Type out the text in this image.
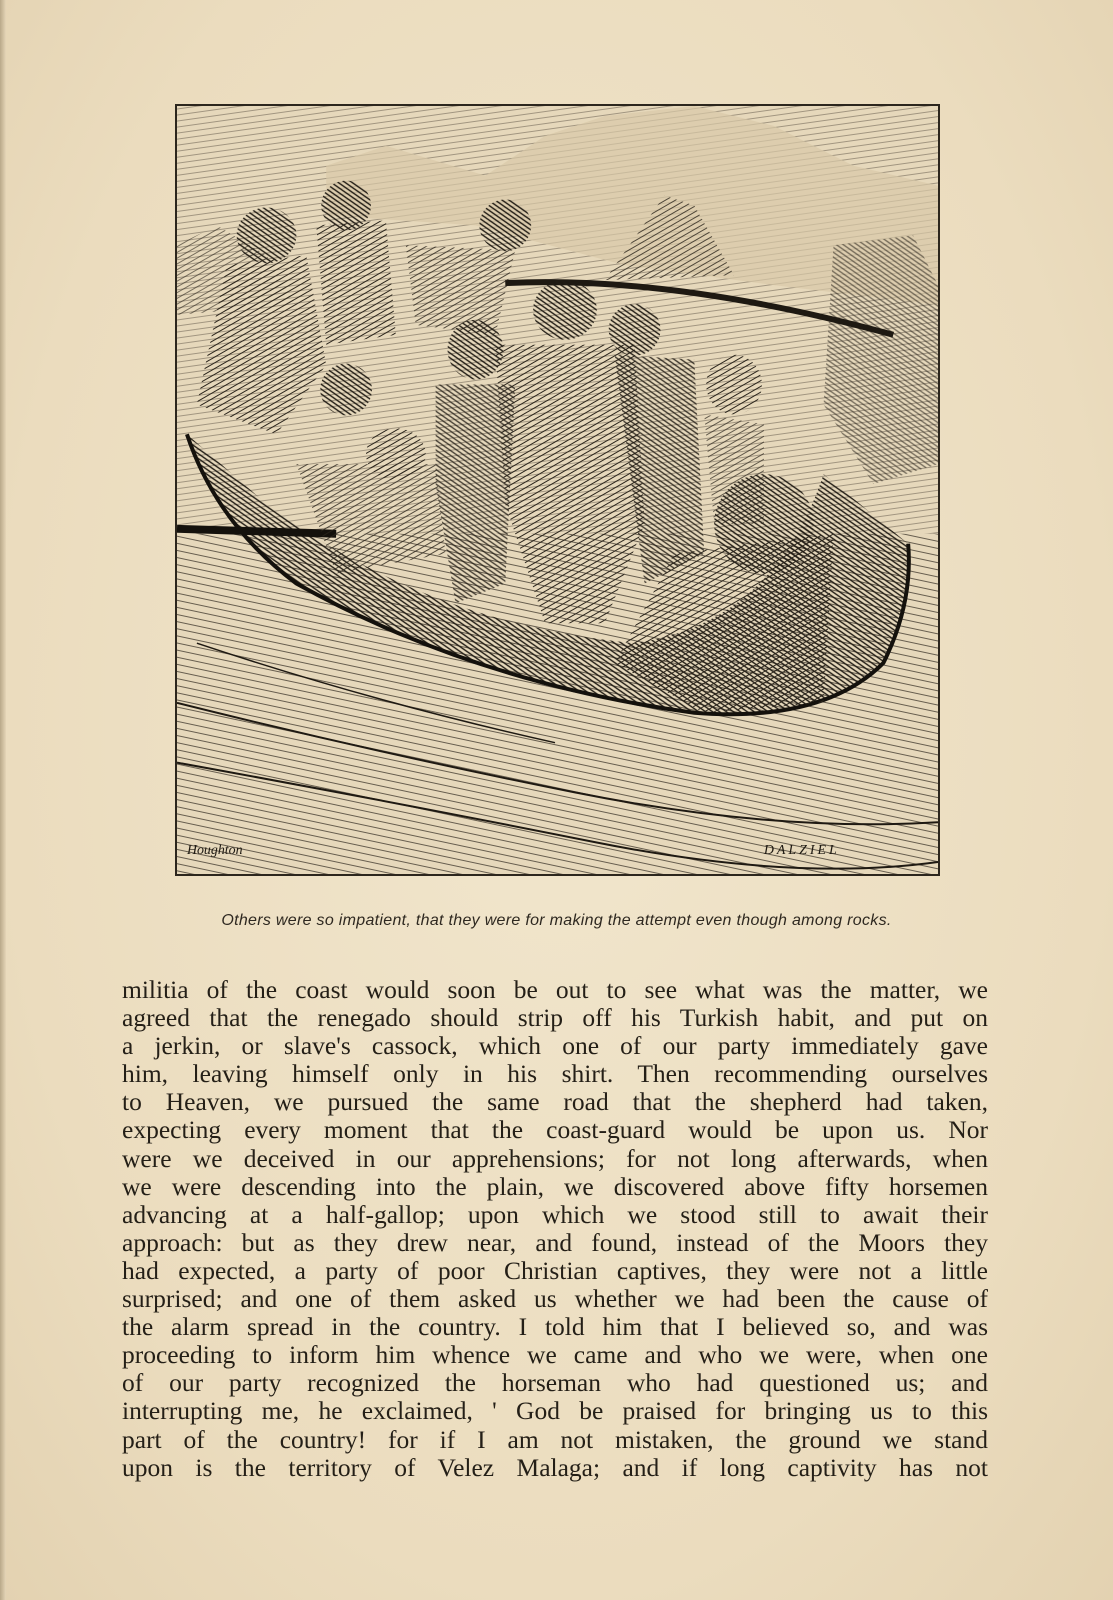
Houghton	DALZIEL
Others were so impatient, that they were for making the attempt even though among rocks.
militia of the coast would soon be out to see what was the matter, we
agreed that the renegado should strip off his Turkish habit, and put on
a jerkin, or slave's cassock, which one of our party immediately gave
him, leaving himself only in his shirt. Then recommending ourselves
to Heaven, we pursued the same road that the shepherd had taken,
expecting every moment that the coast-guard would be upon us. Nor
were we deceived in our apprehensions; for not long afterwards, when
we were descending into the plain, we discovered above fifty horsemen
advancing at a half-gallop; upon which we stood still to await their
approach: but as they drew near, and found, instead of the Moors they
had expected, a party of poor Christian captives, they were not a little
surprised; and one of them asked us whether we had been the cause of
the alarm spread in the country. I told him that I believed so, and was
proceeding to inform him whence we came and who we were, when one
of our party recognized the horseman who had questioned us; and
interrupting me, he exclaimed, ' God be praised for bringing us to this
part of the country! for if I am not mistaken, the ground we stand
upon is the territory of Velez Malaga; and if long captivity has not
